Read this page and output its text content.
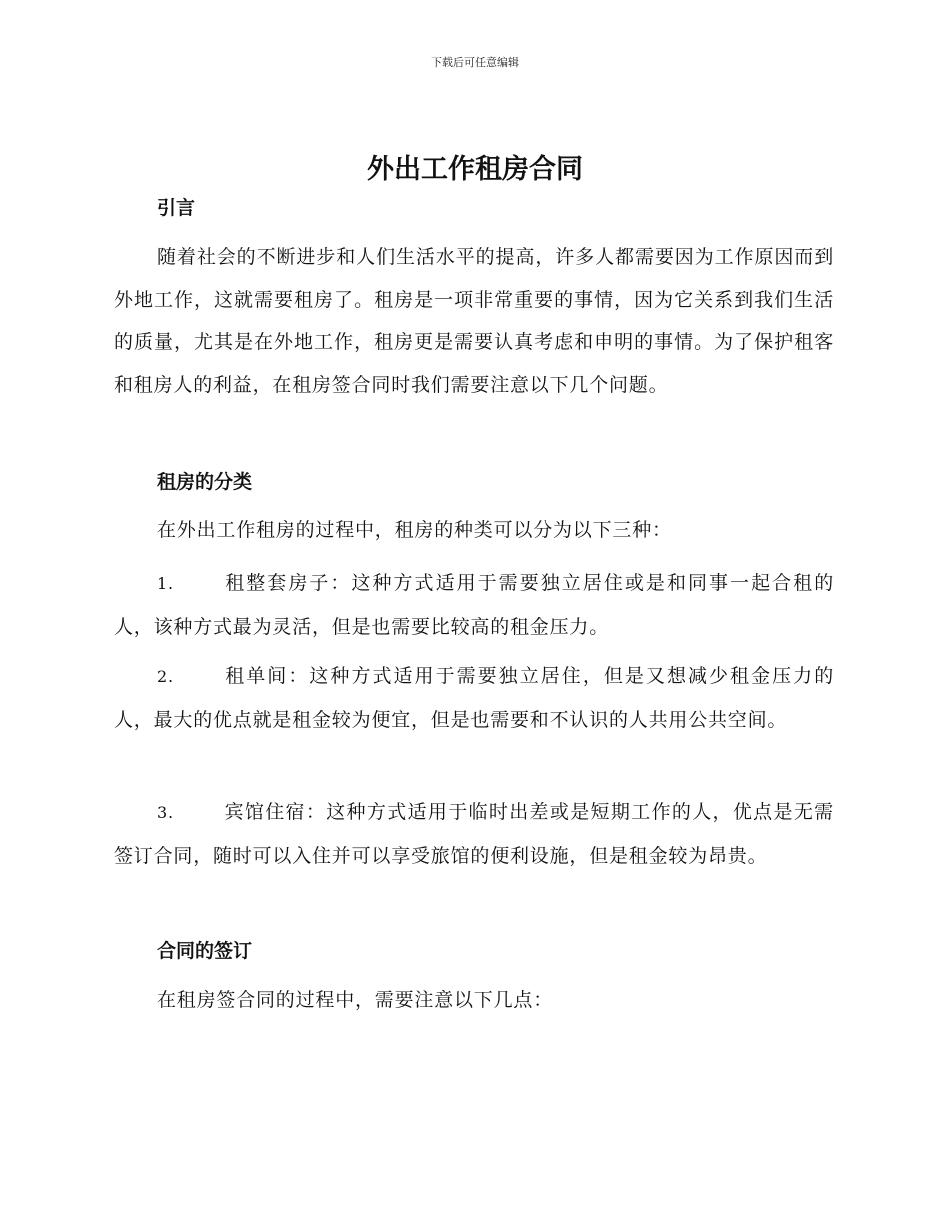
下载后可任意编辑
外出工作租房合同
引言

随着社会的不断进步和人们生活水平的提高，许多人都需要因为工作原因而到外地工作，这就需要租房了。租房是一项非常重要的事情，因为它关系到我们生活的质量，尤其是在外地工作，租房更是需要认真考虑和申明的事情。为了保护租客和租房人的利益，在租房签合同时我们需要注意以下几个问题。

租房的分类

在外出工作租房的过程中，租房的种类可以分为以下三种：

1.	租整套房子：这种方式适用于需要独立居住或是和同事一起合租的人，该种方式最为灵活，但是也需要比较高的租金压力。
2.	租单间：这种方式适用于需要独立居住，但是又想减少租金压力的人，最大的优点就是租金较为便宜，但是也需要和不认识的人共用公共空间。
3.	宾馆住宿：这种方式适用于临时出差或是短期工作的人，优点是无需签订合同，随时可以入住并可以享受旅馆的便利设施，但是租金较为昂贵。
合同的签订

在租房签合同的过程中，需要注意以下几点：
